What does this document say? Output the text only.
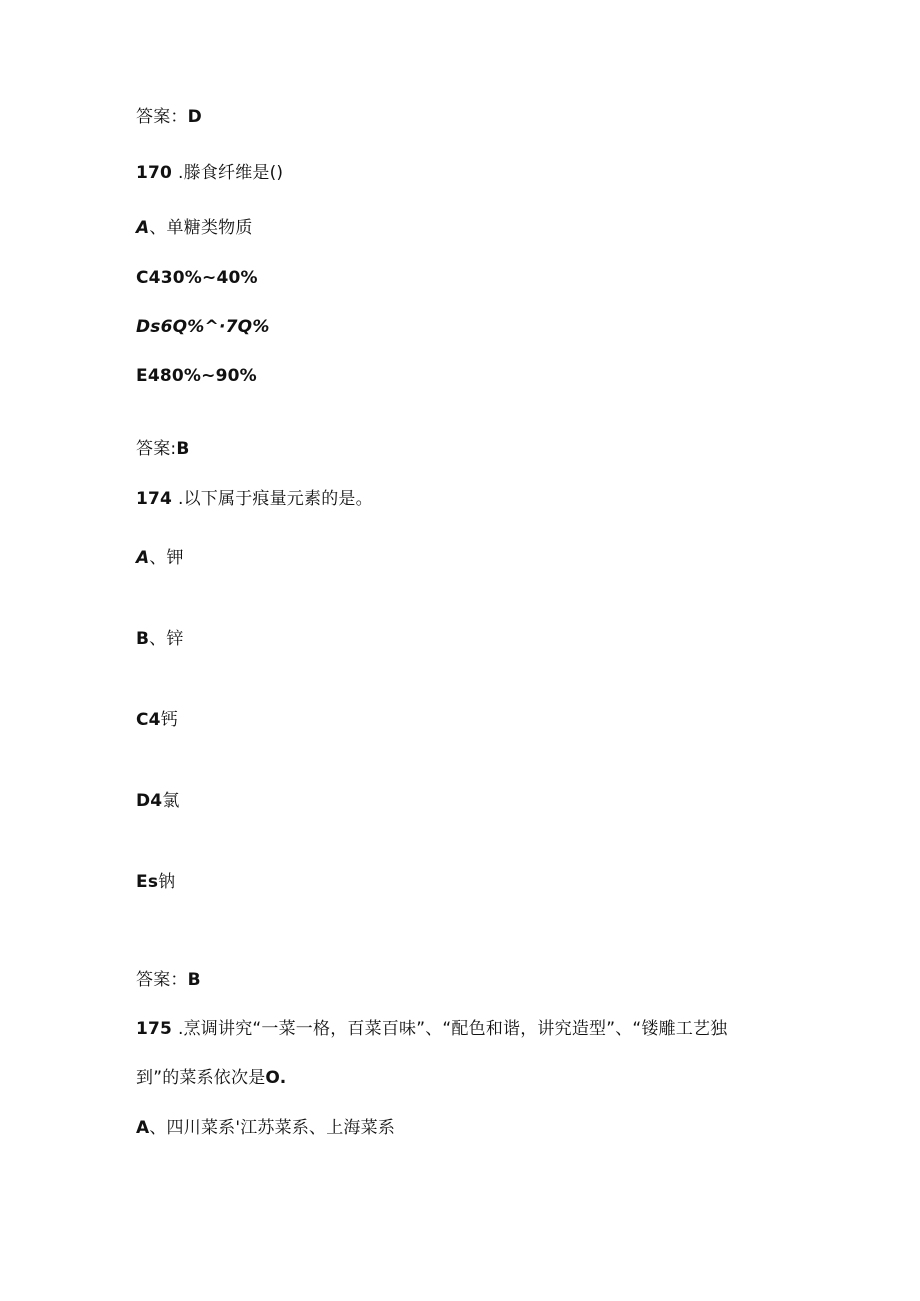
答案：D
170 .滕食纤维是()
A、单糖类物质
C430%~40%
Ds6Q%^·7Q%
E480%~90%
答案:B
174 .以下属于痕量元素的是。
A、钾
B、锌
C4钙
D4氯
Es钠
答案：B
175 .烹调讲究“一菜一格，百菜百味”、“配色和谐，讲究造型”、“镂雕工艺独
到”的菜系依次是O.
A、四川菜系'江苏菜系、上海菜系
